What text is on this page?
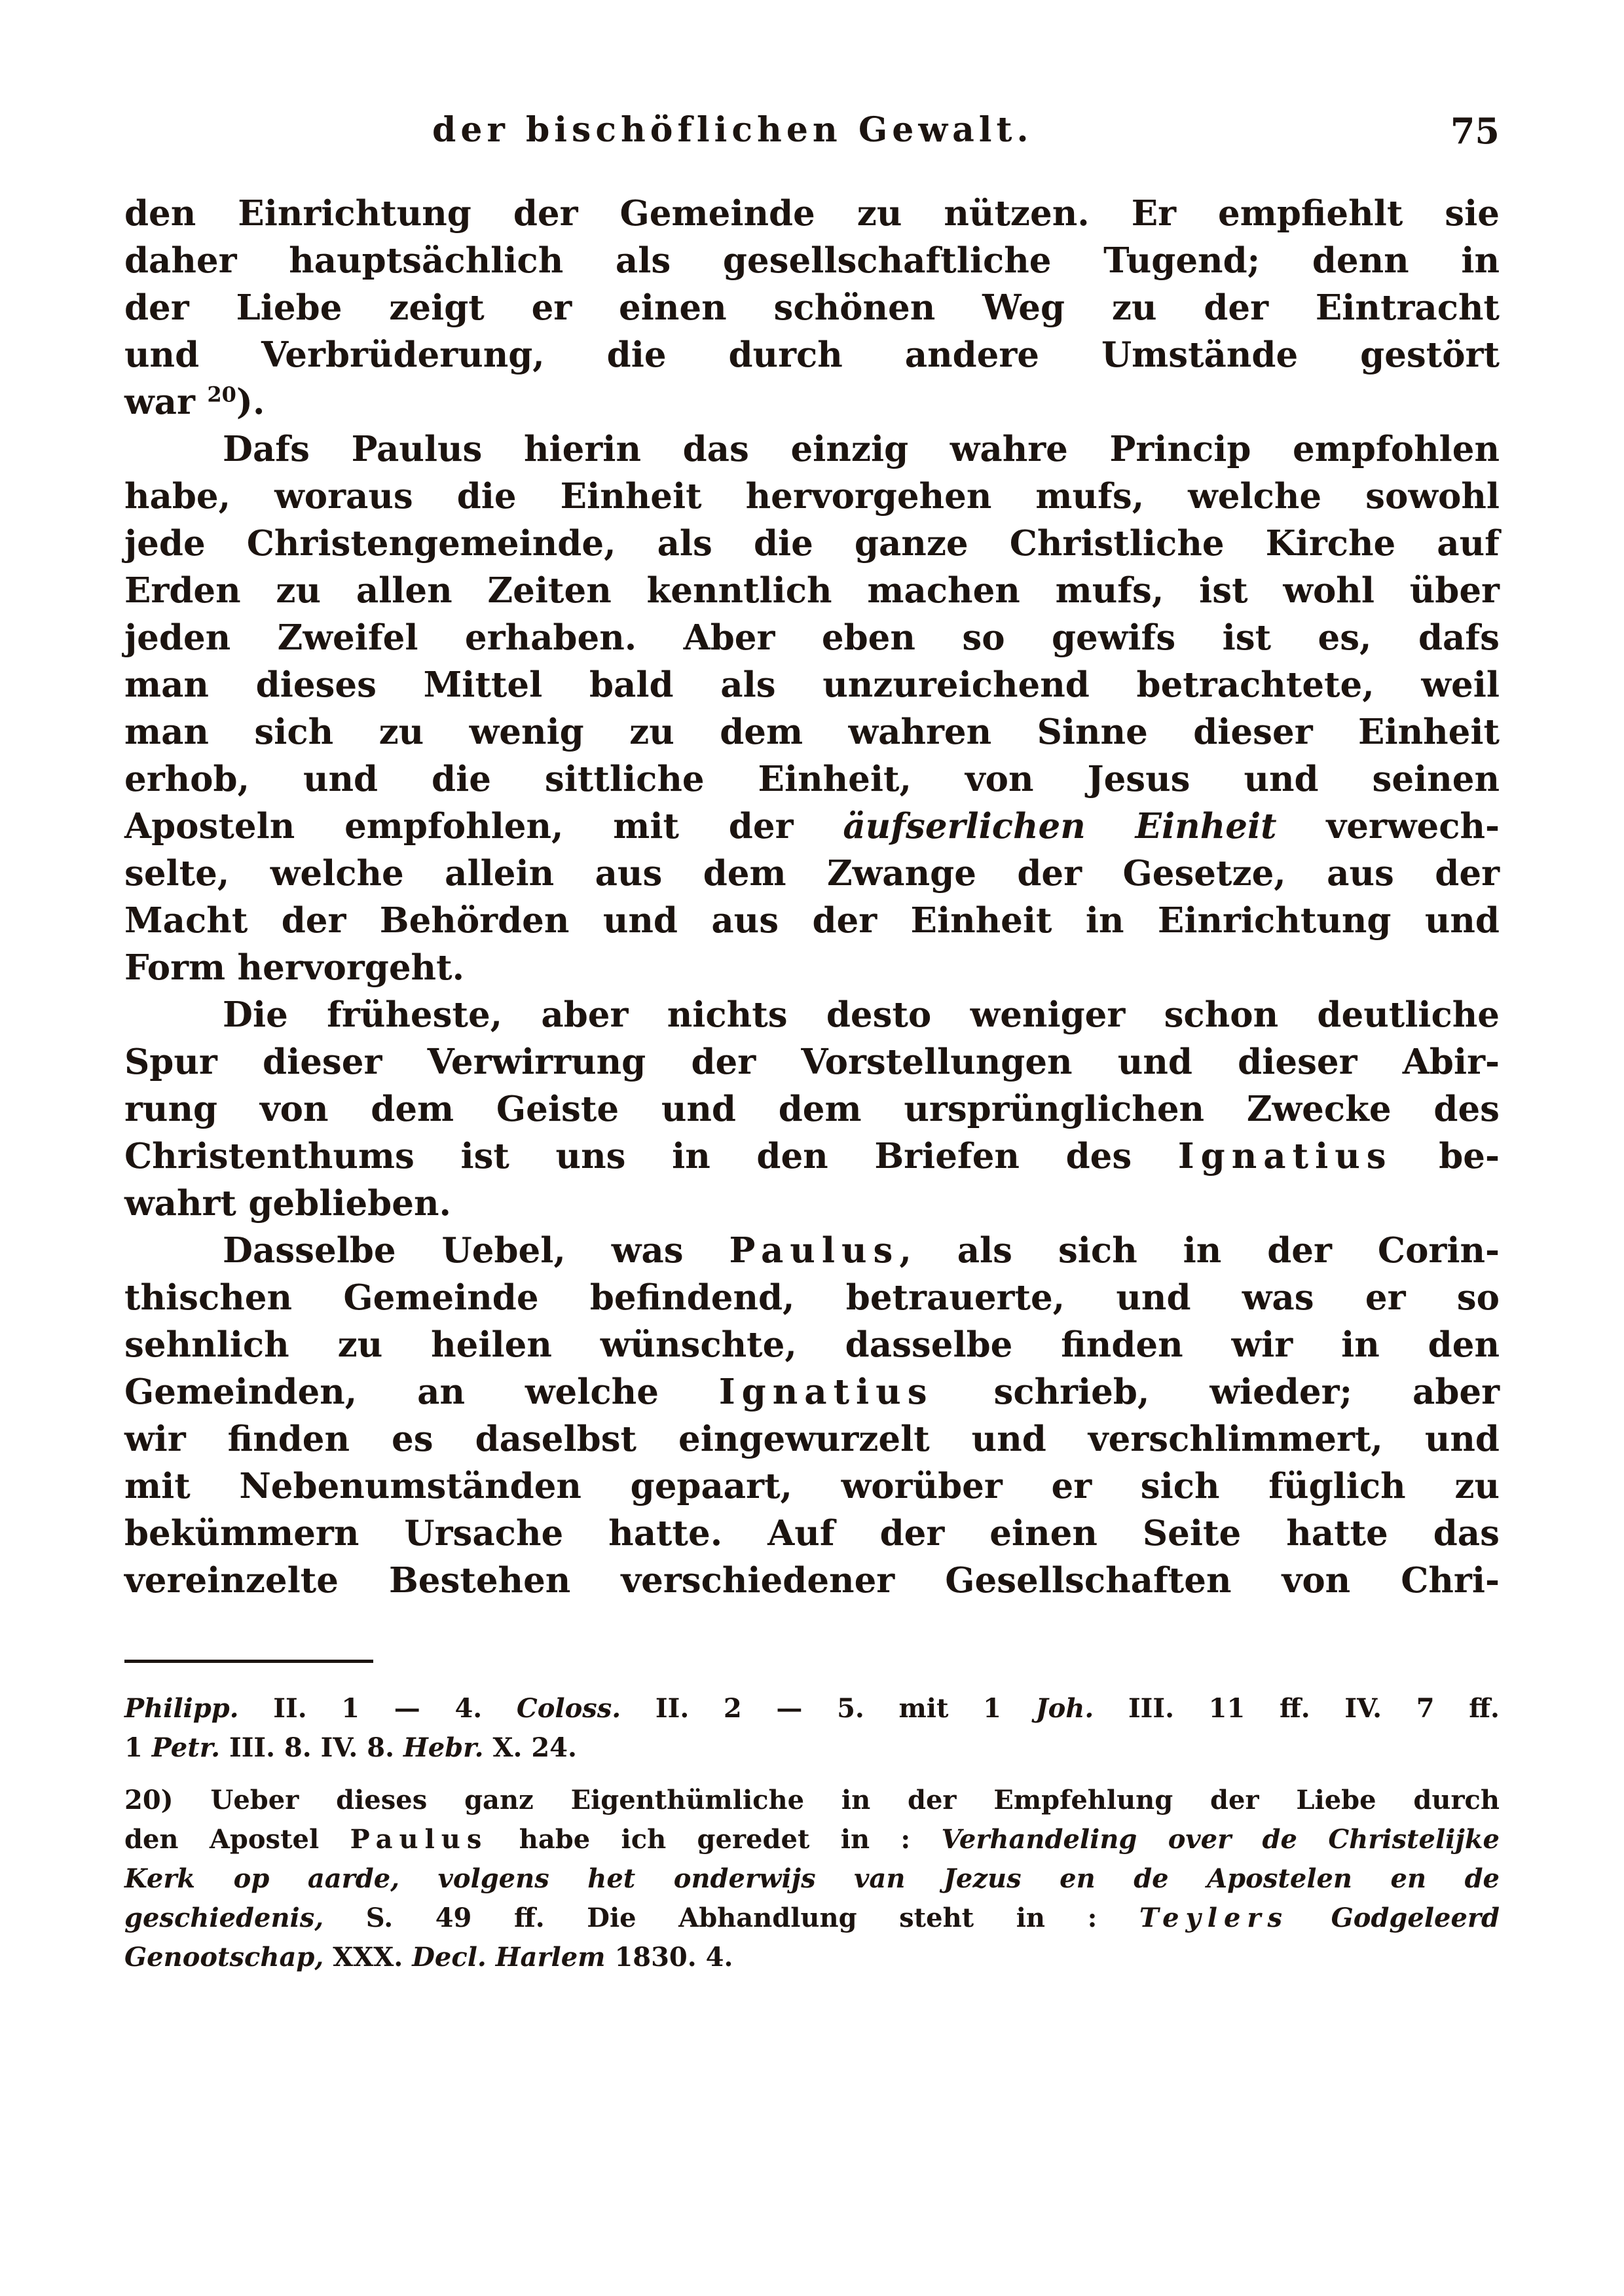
der bischöflichen Gewalt.	75
den Einrichtung der Gemeinde zu nützen. Er empfiehlt sie
daher hauptsächlich als gesellschaftliche Tugend; denn in
der Liebe zeigt er einen schönen Weg zu der Eintracht
und Verbrüderung, die durch andere Umstände gestört
war $^{20}$).
Dafs Paulus hierin das einzig wahre Princip empfohlen
habe, woraus die Einheit hervorgehen mufs, welche sowohl
jede Christengemeinde, als die ganze Christliche Kirche auf
Erden zu allen Zeiten kenntlich machen mufs, ist wohl über
jeden Zweifel erhaben. Aber eben so gewifs ist es, dafs
man dieses Mittel bald als unzureichend betrachtete, weil
man sich zu wenig zu dem wahren Sinne dieser Einheit
erhob, und die sittliche Einheit, von Jesus und seinen
Aposteln empfohlen, mit der äufserlichen Einheit verwech-
selte, welche allein aus dem Zwange der Gesetze, aus der
Macht der Behörden und aus der Einheit in Einrichtung und
Form hervorgeht.
Die früheste, aber nichts desto weniger schon deutliche
Spur dieser Verwirrung der Vorstellungen und dieser Abir-
rung von dem Geiste und dem ursprünglichen Zwecke des
Christenthums ist uns in den Briefen des Ignatius be-
wahrt geblieben.
Dasselbe Uebel, was Paulus, als sich in der Corin-
thischen Gemeinde befindend, betrauerte, und was er so
sehnlich zu heilen wünschte, dasselbe finden wir in den
Gemeinden, an welche Ignatius schrieb, wieder; aber
wir finden es daselbst eingewurzelt und verschlimmert, und
mit Nebenumständen gepaart, worüber er sich füglich zu
bekümmern Ursache hatte. Auf der einen Seite hatte das
vereinzelte Bestehen verschiedener Gesellschaften von Chri-
Philipp. II. 1 — 4. Coloss. II. 2 — 5. mit 1 Joh. III. 11 ff. IV. 7 ff.
1 Petr. III. 8. IV. 8. Hebr. X. 24.
20) Ueber dieses ganz Eigenthümliche in der Empfehlung der Liebe durch
den Apostel Paulus habe ich geredet in : Verhandeling over de Christelijke
Kerk op aarde, volgens het onderwijs van Jezus en de Apostelen en de
geschiedenis, S. 49 ff. Die Abhandlung steht in : Teylers Godgeleerd
Genootschap, XXX. Decl. Harlem 1830. 4.
